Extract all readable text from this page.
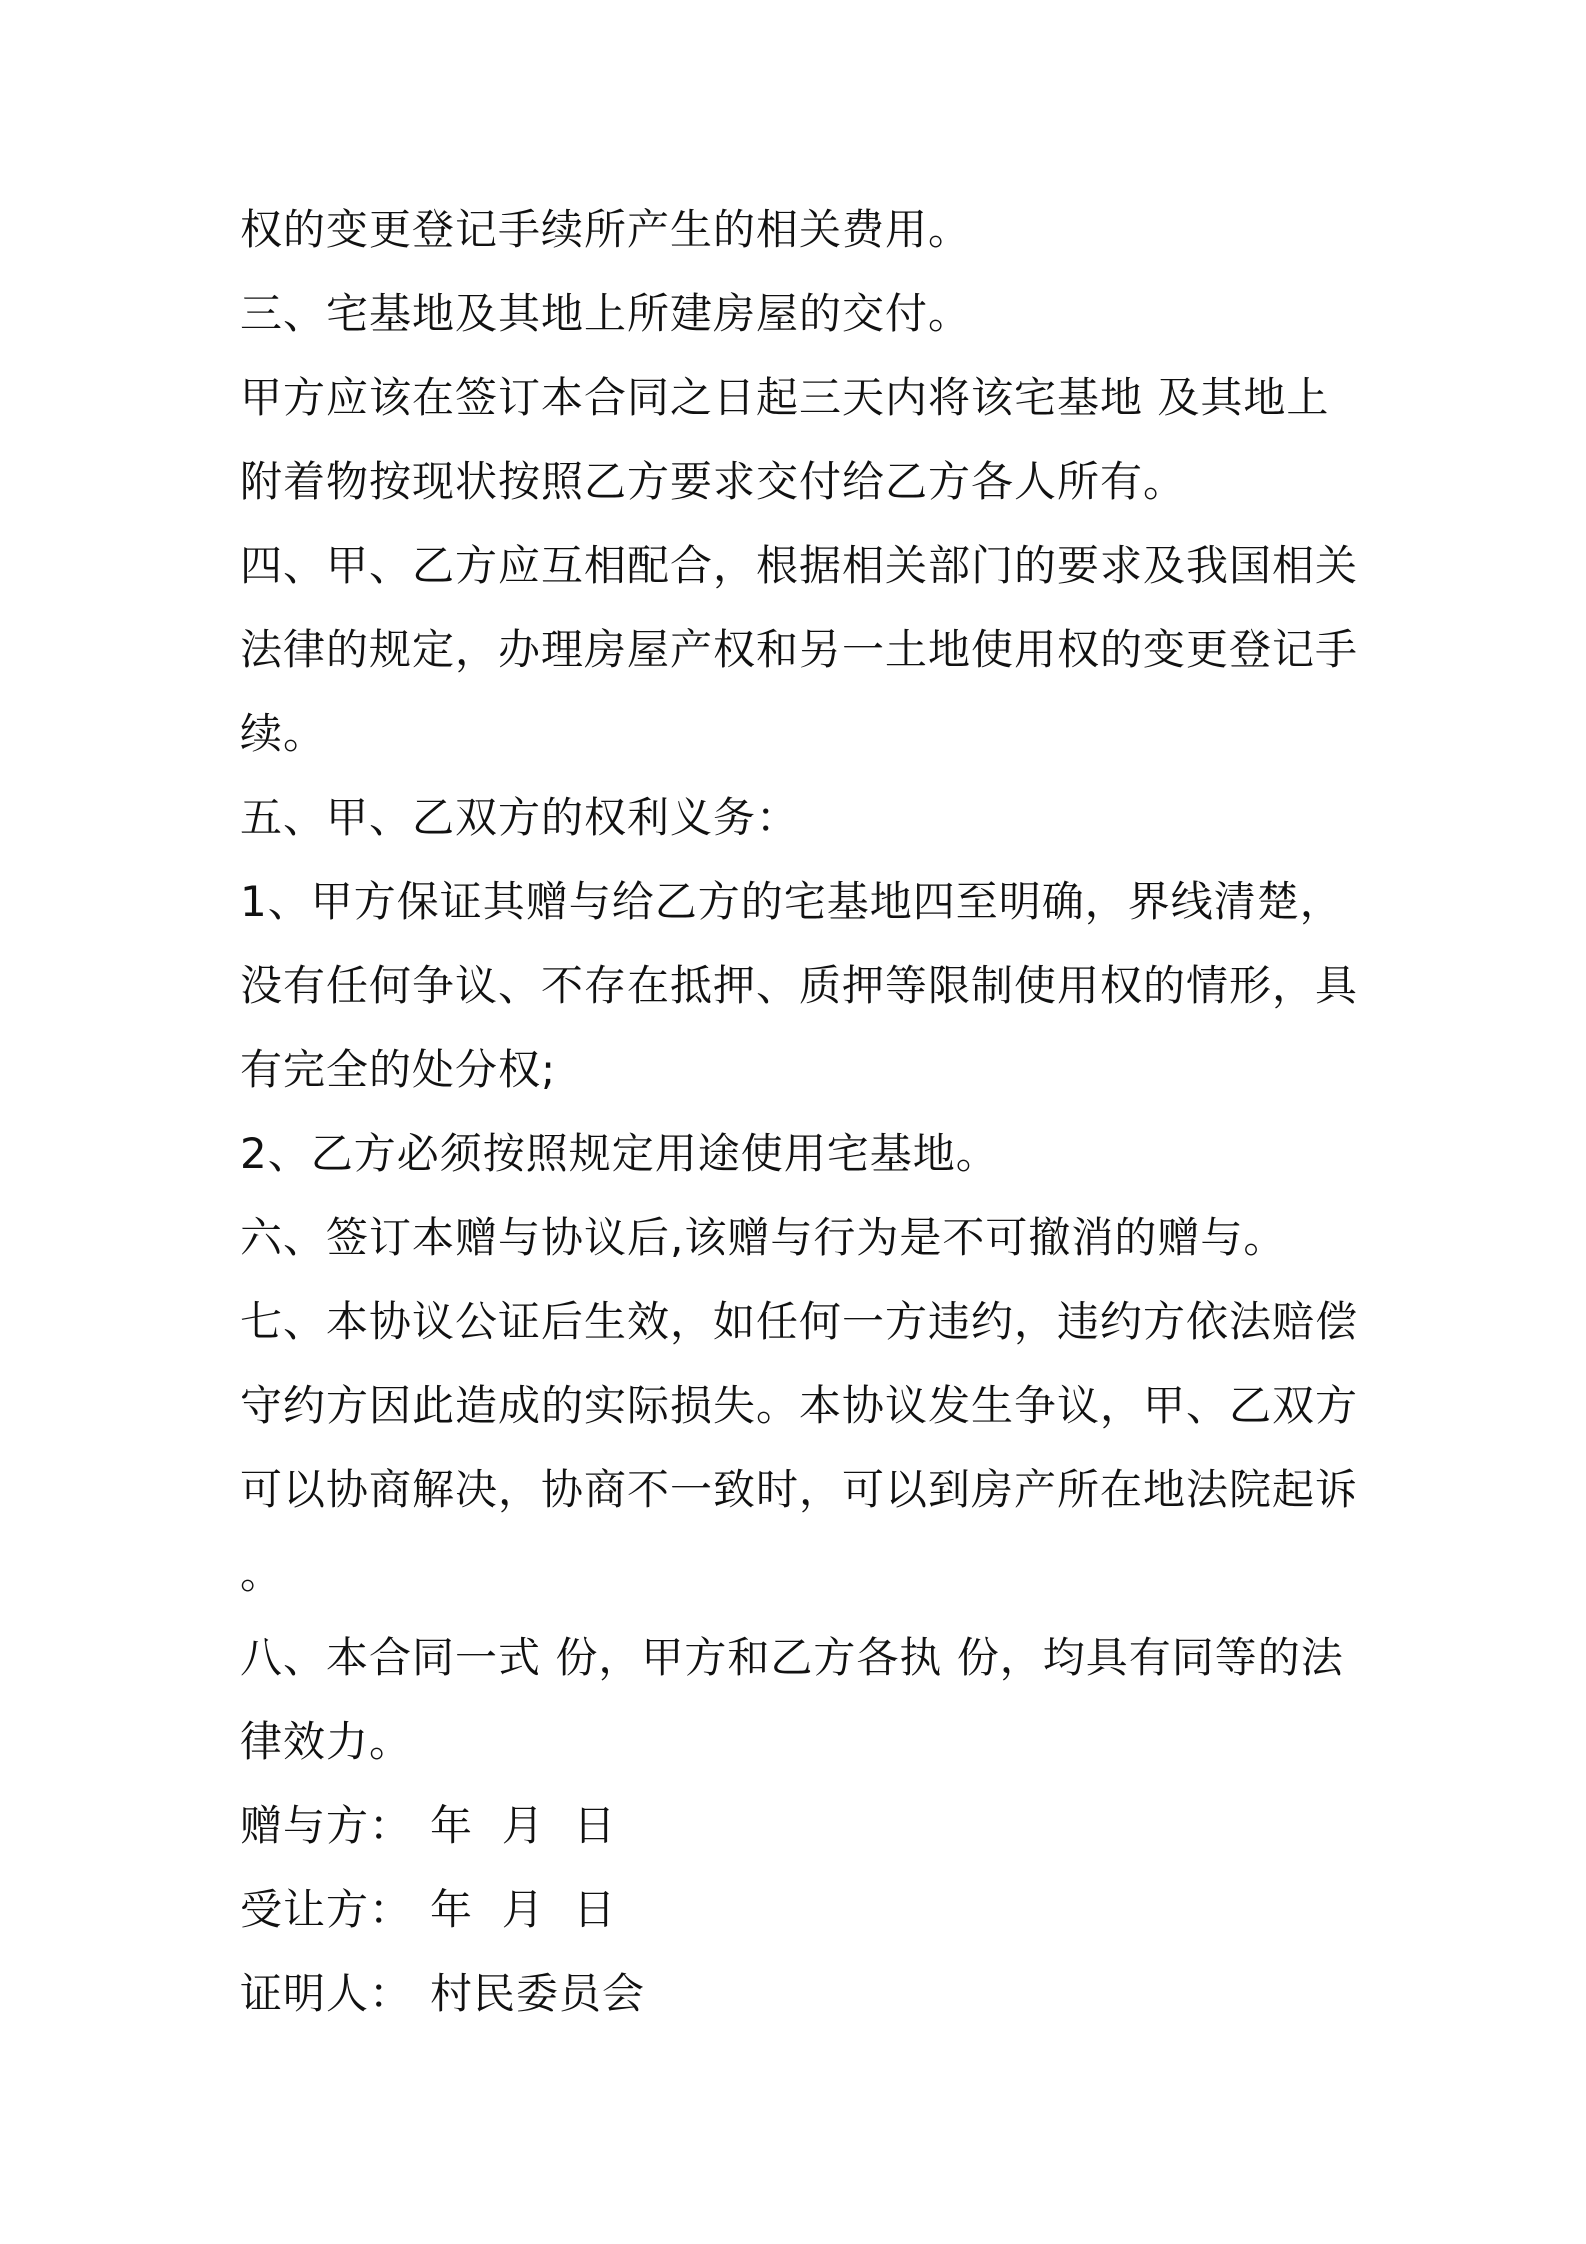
权的变更登记手续所产生的相关费用。
三、宅基地及其地上所建房屋的交付。
甲方应该在签订本合同之日起三天内将该宅基地 及其地上
附着物按现状按照乙方要求交付给乙方各人所有。
四、甲、乙方应互相配合，根据相关部门的要求及我国相关
法律的规定，办理房屋产权和另一土地使用权的变更登记手
续。
五、甲、乙双方的权利义务：
1、甲方保证其赠与给乙方的宅基地四至明确，界线清楚，
没有任何争议、不存在抵押、质押等限制使用权的情形，具
有完全的处分权;
2、乙方必须按照规定用途使用宅基地。
六、签订本赠与协议后,该赠与行为是不可撤消的赠与。
七、本协议公证后生效，如任何一方违约，违约方依法赔偿
守约方因此造成的实际损失。本协议发生争议，甲、乙双方
可以协商解决，协商不一致时，可以到房产所在地法院起诉
。
八、本合同一式 份，甲方和乙方各执 份，均具有同等的法
律效力。
赠与方： 年  月  日
受让方： 年  月  日
证明人： 村民委员会
